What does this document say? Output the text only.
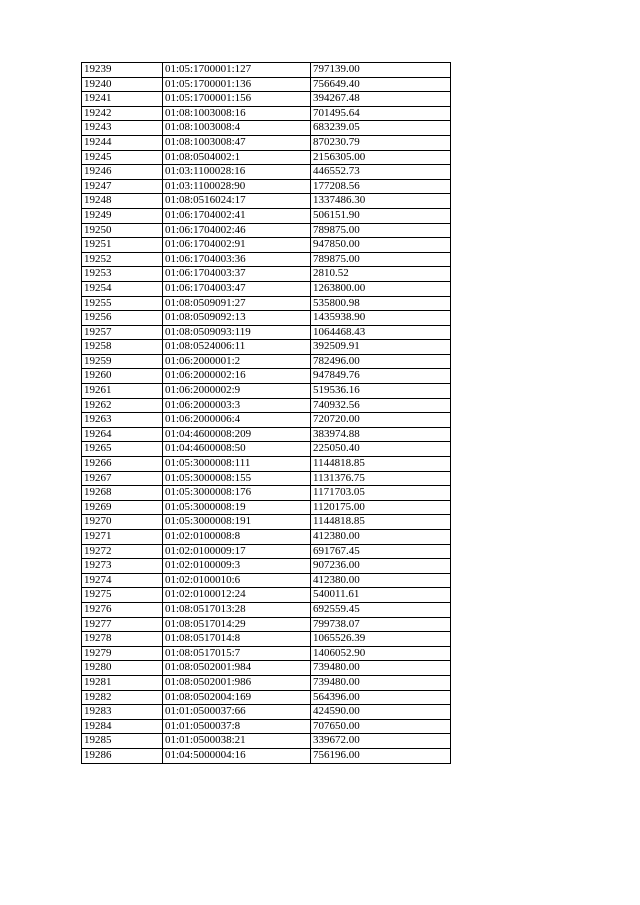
19239	01:05:1700001:127	797139.00
19240	01:05:1700001:136	756649.40
19241	01:05:1700001:156	394267.48
19242	01:08:1003008:16	701495.64
19243	01:08:1003008:4	683239.05
19244	01:08:1003008:47	870230.79
19245	01:08:0504002:1	2156305.00
19246	01:03:1100028:16	446552.73
19247	01:03:1100028:90	177208.56
19248	01:08:0516024:17	1337486.30
19249	01:06:1704002:41	506151.90
19250	01:06:1704002:46	789875.00
19251	01:06:1704002:91	947850.00
19252	01:06:1704003:36	789875.00
19253	01:06:1704003:37	2810.52
19254	01:06:1704003:47	1263800.00
19255	01:08:0509091:27	535800.98
19256	01:08:0509092:13	1435938.90
19257	01:08:0509093:119	1064468.43
19258	01:08:0524006:11	392509.91
19259	01:06:2000001:2	782496.00
19260	01:06:2000002:16	947849.76
19261	01:06:2000002:9	519536.16
19262	01:06:2000003:3	740932.56
19263	01:06:2000006:4	720720.00
19264	01:04:4600008:209	383974.88
19265	01:04:4600008:50	225050.40
19266	01:05:3000008:111	1144818.85
19267	01:05:3000008:155	1131376.75
19268	01:05:3000008:176	1171703.05
19269	01:05:3000008:19	1120175.00
19270	01:05:3000008:191	1144818.85
19271	01:02:0100008:8	412380.00
19272	01:02:0100009:17	691767.45
19273	01:02:0100009:3	907236.00
19274	01:02:0100010:6	412380.00
19275	01:02:0100012:24	540011.61
19276	01:08:0517013:28	692559.45
19277	01:08:0517014:29	799738.07
19278	01:08:0517014:8	1065526.39
19279	01:08:0517015:7	1406052.90
19280	01:08:0502001:984	739480.00
19281	01:08:0502001:986	739480.00
19282	01:08:0502004:169	564396.00
19283	01:01:0500037:66	424590.00
19284	01:01:0500037:8	707650.00
19285	01:01:0500038:21	339672.00
19286	01:04:5000004:16	756196.00
